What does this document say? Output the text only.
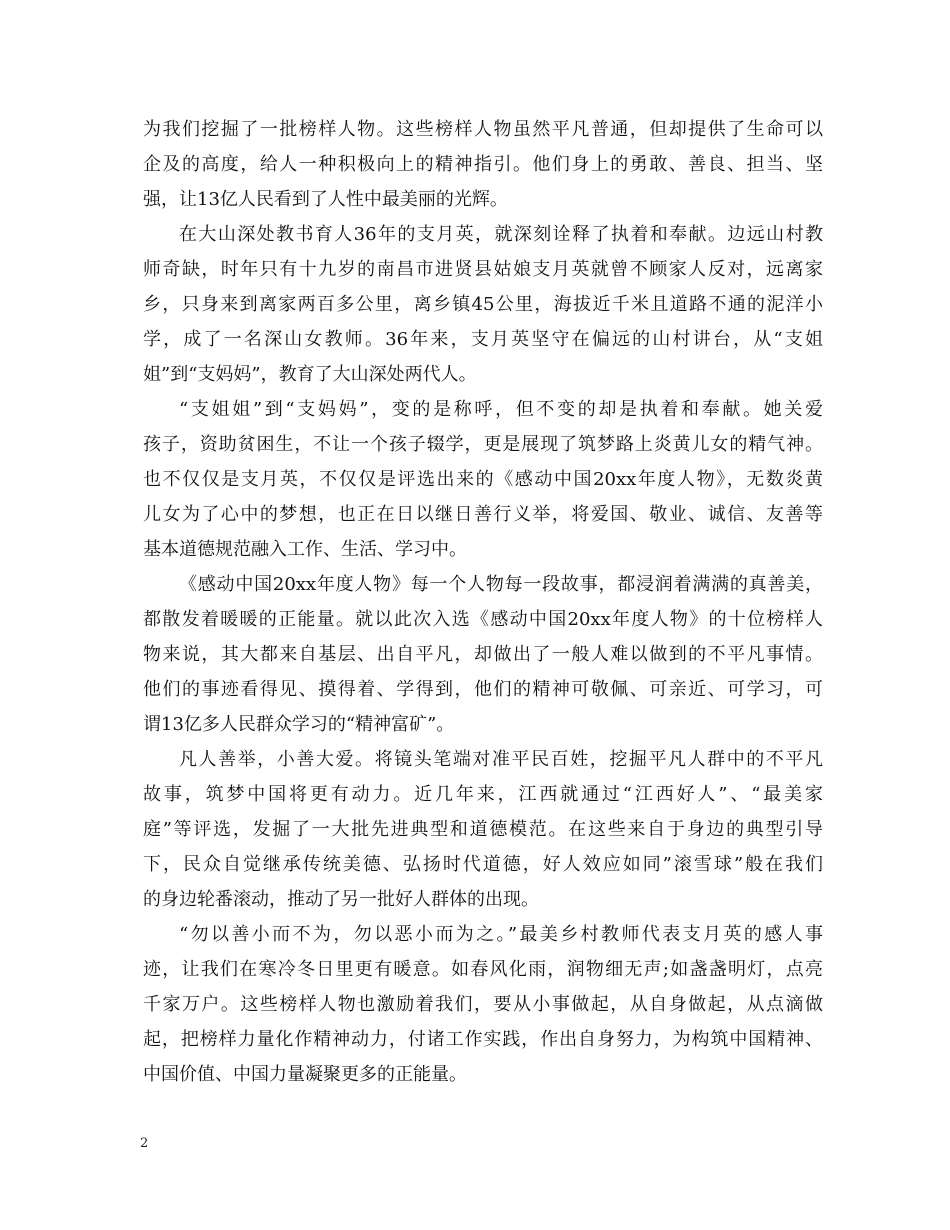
为我们挖掘了一批榜样人物。这些榜样人物虽然平凡普通，但却提供了生命可以
企及的高度，给人一种积极向上的精神指引。他们身上的勇敢、善良、担当、坚
强，让13亿人民看到了人性中最美丽的光辉。
在大山深处教书育人36年的支月英，就深刻诠释了执着和奉献。边远山村教
师奇缺，时年只有十九岁的南昌市进贤县姑娘支月英就曾不顾家人反对，远离家
乡，只身来到离家两百多公里，离乡镇45公里，海拔近千米且道路不通的泥洋小
学，成了一名深山女教师。36年来，支月英坚守在偏远的山村讲台，从“支姐
姐”到“支妈妈”，教育了大山深处两代人。
“支姐姐”到“支妈妈”，变的是称呼，但不变的却是执着和奉献。她关爱
孩子，资助贫困生，不让一个孩子辍学，更是展现了筑梦路上炎黄儿女的精气神。
也不仅仅是支月英，不仅仅是评选出来的《感动中国20xx年度人物》，无数炎黄
儿女为了心中的梦想，也正在日以继日善行义举，将爱国、敬业、诚信、友善等
基本道德规范融入工作、生活、学习中。
《感动中国20xx年度人物》每一个人物每一段故事，都浸润着满满的真善美，
都散发着暖暖的正能量。就以此次入选《感动中国20xx年度人物》的十位榜样人
物来说，其大都来自基层、出自平凡，却做出了一般人难以做到的不平凡事情。
他们的事迹看得见、摸得着、学得到，他们的精神可敬佩、可亲近、可学习，可
谓13亿多人民群众学习的“精神富矿”。
凡人善举，小善大爱。将镜头笔端对准平民百姓，挖掘平凡人群中的不平凡
故事，筑梦中国将更有动力。近几年来，江西就通过“江西好人”、“最美家
庭”等评选，发掘了一大批先进典型和道德模范。在这些来自于身边的典型引导
下，民众自觉继承传统美德、弘扬时代道德，好人效应如同”滚雪球”般在我们
的身边轮番滚动，推动了另一批好人群体的出现。
“勿以善小而不为，勿以恶小而为之。”最美乡村教师代表支月英的感人事
迹，让我们在寒冷冬日里更有暖意。如春风化雨，润物细无声;如盏盏明灯，点亮
千家万户。这些榜样人物也激励着我们，要从小事做起，从自身做起，从点滴做
起，把榜样力量化作精神动力，付诸工作实践，作出自身努力，为构筑中国精神、
中国价值、中国力量凝聚更多的正能量。
2
